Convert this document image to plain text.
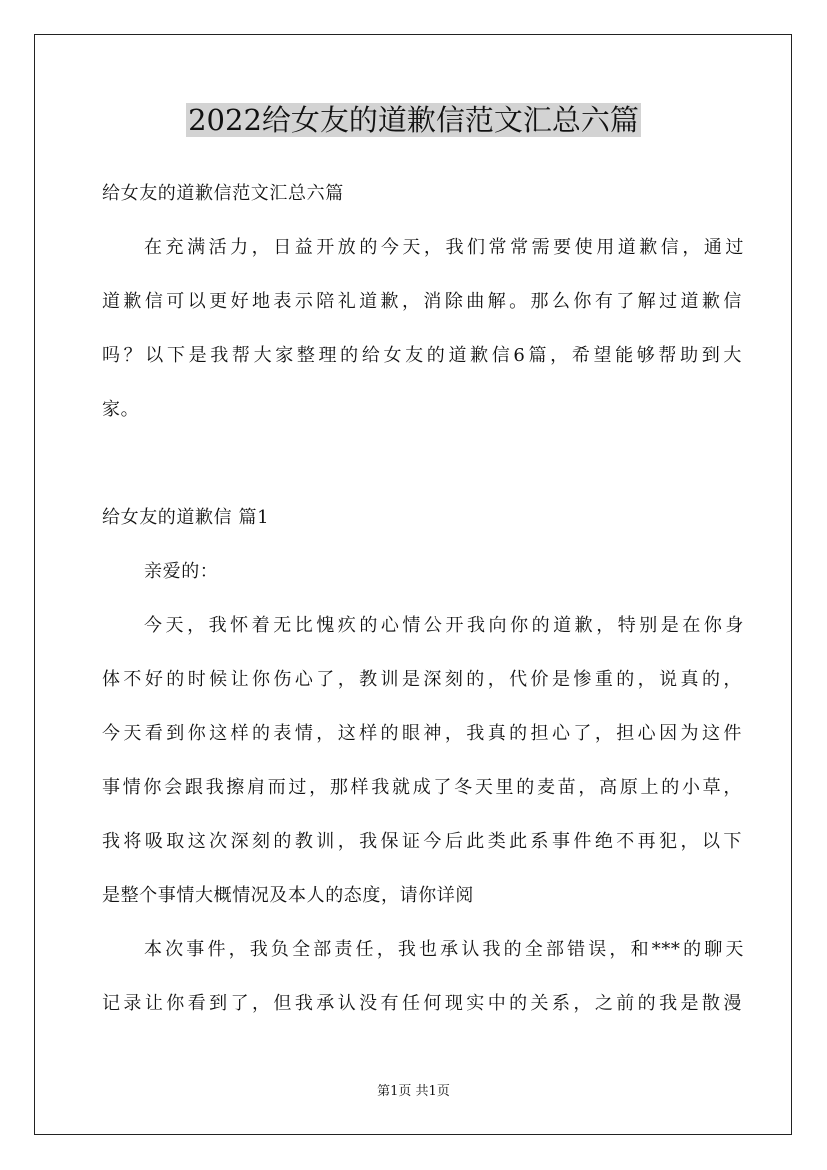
2022给女友的道歉信范文汇总六篇
给女友的道歉信范文汇总六篇
在充满活力，日益开放的今天，我们常常需要使用道歉信，通过
道歉信可以更好地表示陪礼道歉，消除曲解。那么你有了解过道歉信
吗？以下是我帮大家整理的给女友的道歉信6篇，希望能够帮助到大
家。
给女友的道歉信 篇1
亲爱的：
今天，我怀着无比愧疚的心情公开我向你的道歉，特别是在你身
体不好的时候让你伤心了，教训是深刻的，代价是惨重的，说真的，
今天看到你这样的表情，这样的眼神，我真的担心了，担心因为这件
事情你会跟我擦肩而过，那样我就成了冬天里的麦苗，高原上的小草，
我将吸取这次深刻的教训，我保证今后此类此系事件绝不再犯，以下
是整个事情大概情况及本人的态度，请你详阅
本次事件，我负全部责任，我也承认我的全部错误，和***的聊天
记录让你看到了，但我承认没有任何现实中的关系，之前的我是散漫
第1页 共1页
